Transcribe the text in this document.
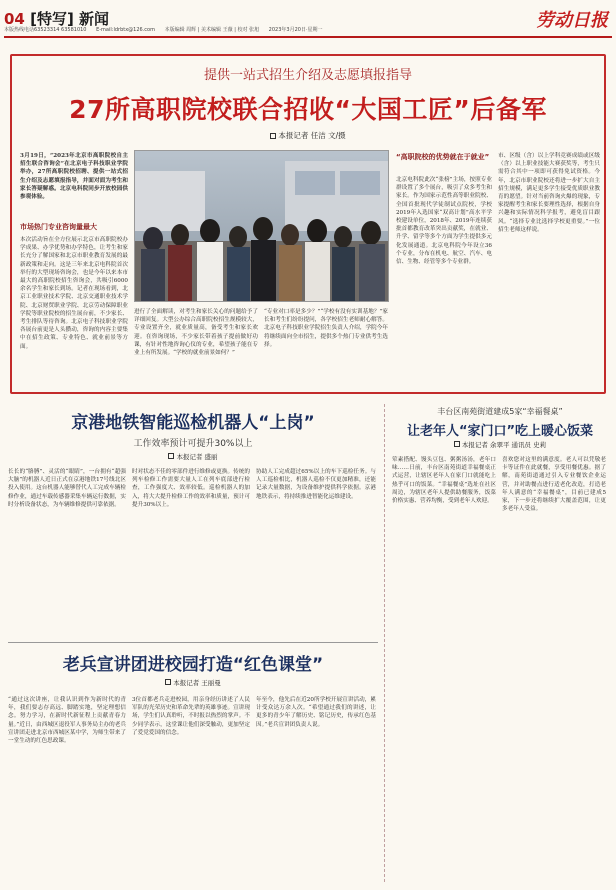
04 [特写] 新闻
本版热线电话63523314 63581010 E-mail:ldrbtx@126.com 本版编辑 周辉 | 美术编辑 王薇 | 校对 张旭 2023年3月20日·星期一	劳动日报
提供一站式招生介绍及志愿填报指导
27所高职院校联合招收“大国工匠”后备军
本报记者 任洁 文/摄
3月19日，“2023年北京市高职院校自主招生联合咨询会”在北京电子科技职业学院举办，27所高职院校招聘、提供一站式招生介绍及志愿填报指导，并面对面为考生和家长答疑解惑。北京电科院同步开放校园供参观体验。
市场热门专业咨询量最大
本次活动旨在全方位展示北京市高职院校办学成果、办学优势和办学特色，让考生和家长充分了解国家和北京市职业教育发展的最新政策和走向。这是三年来北京电科院首次举行的大型现场咨询会，也是今年以来本市最大的高职院校招生咨询会，共吸引6000余名学生和家长到场。记者在现场看到，北京工业职业技术学院、北京交通职业技术学院、北京财贸职业学院、北京劳动保障职业学院等职业院校的招生展台前，不少家长、考生排队等待咨询。北京电子科技职业学院各展台前更是人头攒动，咨询的内容主要集中在招生政策、专业特色、就业前景等方面。
进行了全面解读，对考生和家长关心的问题给予了详细回复。大型公办综合高职院校招生规模较大，专业设置齐全，就业质量高，备受考生和家长欢迎。在咨询现场，不少家长带着孩子提前做好功课，有针对性地咨询心仪的专业，希望孩子能在专业上有所发展。“学校的就业前景如何？”
“专业对口率是多少？”“学校有没有实训基地？”家长和考生们纷纷提问，各学校招生老师耐心解答。北京电子科技职业学院招生负责人介绍，学院今年将继续面向全市招生，提供多个热门专业供考生选择。
“高职院校的优势就在于就业”
北京电科院此次“张榜”主场，按照专业群设置了多个展台，吸引了众多考生和家长。作为国家示范性高等职业院校、全国首批现代学徒制试点院校，学校2019年入选国家“双高计划”高水平学校建设单位，2018年、2019年连续获批首都教育改革突出贡献奖，在就业、升学、留学等多个方面为学生提供多元化发展通道。北京电科院今年设立36个专业，分布在机电、航空、汽车、电信、生物、经管等多个专业群。
市、区级（含）以上学科竞赛成绩或区级（含）以上职业技能大赛获奖等，考生只需符合其中一项即可获得免试资格。今年，北京市职业院校还将进一步扩大自主招生规模，满足更多学生接受优质职业教育的愿望。针对当前咨询火爆的现象，专家提醒考生和家长要理性选择，根据自身兴趣和实际情况科学报考，避免盲目跟风。“选择专业比选择学校更重要。”一位招生老师这样说。
京港地铁智能巡检机器人“上岗”
工作效率预计可提升30%以上
本报记者 盛丽
长长的“胳膊”、灵活的“眼睛”，一台拥有“超强大脑”的机器人近日正式在京港地铁17号线北区投入使用。这台机器人能够替代人工完成车辆检修作业，通过车载传感器采集车辆运行数据，实时分析设备状态，为车辆维修提供可靠依据。
时对状态不佳的零部件进行维修或更换。传统的列车检修工作需要大量人工在列车底部进行检查，工作强度大、效率较低。巡检机器人的加入，将大大提升检修工作的效率和质量，预计可提升30%以上。
协助人工完成超过65%以上的车下巡检任务。与人工巡检相比，机器人巡检不仅更加精准，还能记录大量数据，为设备维护提供科学依据。京港地铁表示，将持续推进智能化运维建设。
老兵宣讲团进校园打造“红色课堂”
本报记者 王丽曼
“通过这次讲座，让我认识到作为新时代的青年，我们要志存高远、脚踏实地，坚定理想信念。努力学习，在新时代新征程上贡献青春力量。”近日，由西城区退役军人事务局主办的老兵宣讲团走进北京市西城区某中学，为师生带来了一堂生动的红色思政课。
3位首都老兵走进校园，用亲身经历讲述了人民军队的光荣历史和革命先辈的英雄事迹。宣讲现场，学生们认真聆听，不时报以热烈的掌声。不少同学表示，这堂课让他们深受触动，更加坚定了爱党爱国的信念。
年至今，他先后在近20所学校开展宣讲活动，累计受众达万余人次。“希望通过我们的讲述，让更多的青少年了解历史、铭记历史，传承红色基因。”老兵宣讲团负责人说。
丰台区南苑街道建成5家“幸福餐桌”
让老年人“家门口”吃上暖心饭菜
本报记者 余翠平 通讯员 史莉
荤素搭配、馒头豆包、粥粥汤汤，老年口味……日前，丰台区南苑街道幸福餐桌正式运营，让辖区老年人在家门口就能吃上热乎可口的饭菜。“幸福餐桌”选址在社区周边，为辖区老年人提供助餐服务，饭菜价格实惠、营养均衡，受到老年人欢迎。
喜欢您对这里的满意度。老人可以凭敬老卡等证件在此就餐，享受用餐优惠。据了解，南苑街道通过引入专业餐饮企业运营，并对助餐点进行适老化改造，打造老年人满意的“幸福餐桌”，目前已建成5家，下一步还将继续扩大覆盖范围，让更多老年人受益。
